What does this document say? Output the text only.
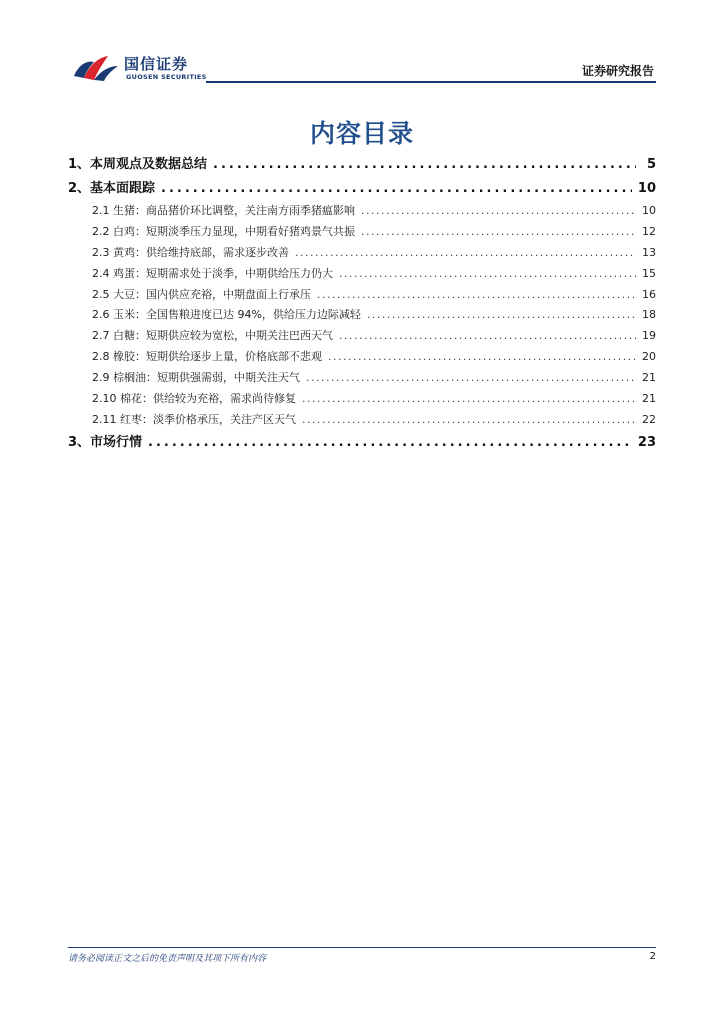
国信证券
GUOSEN SECURITIES	证券研究报告
内容目录
1、本周观点及数据总结 .....	5
2、基本面跟踪 .....	10
2.1 生猪：商品猪价环比调整，关注南方雨季猪瘟影响 .....	10
2.2 白鸡：短期淡季压力显现，中期看好猪鸡景气共振 .....	12
2.3 黄鸡：供给维持底部，需求逐步改善 .....	13
2.4 鸡蛋：短期需求处于淡季，中期供给压力仍大 .....	15
2.5 大豆：国内供应充裕，中期盘面上行承压 .....	16
2.6 玉米：全国售粮进度已达 94%，供给压力边际减轻 .....	18
2.7 白糖：短期供应较为宽松，中期关注巴西天气 .....	19
2.8 橡胶：短期供给逐步上量，价格底部不悲观 .....	20
2.9 棕榈油：短期供强需弱，中期关注天气 .....	21
2.10 棉花：供给较为充裕，需求尚待修复 .....	21
2.11 红枣：淡季价格承压，关注产区天气 .....	22
3、市场行情 .....	23
请务必阅读正文之后的免责声明及其项下所有内容	2
